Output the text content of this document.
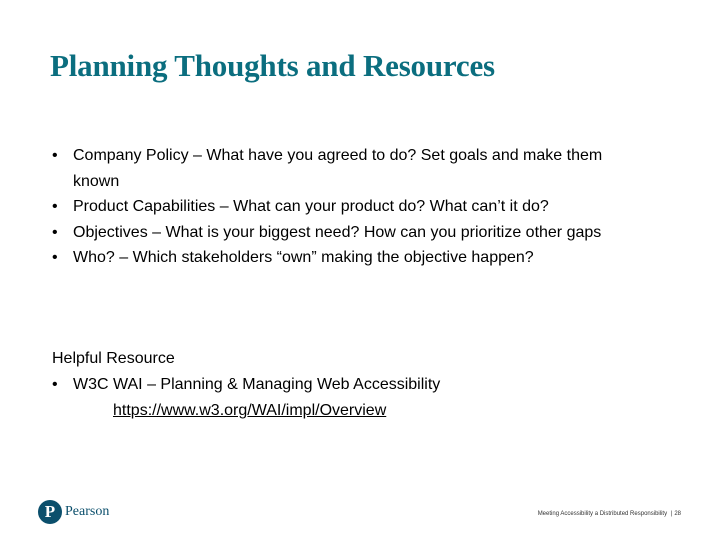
Planning Thoughts and Resources
• Company Policy – What have you agreed to do? Set goals and make them known
• Product Capabilities – What can your product do? What can’t it do?
• Objectives – What is your biggest need? How can you prioritize other gaps
• Who? – Which stakeholders “own” making the objective happen?

Helpful Resource

• W3C WAI – Planning & Managing Web Accessibility
https://www.w3.org/WAI/impl/Overview
P Pearson	Meeting Accessibility a Distributed Responsibility | 28
